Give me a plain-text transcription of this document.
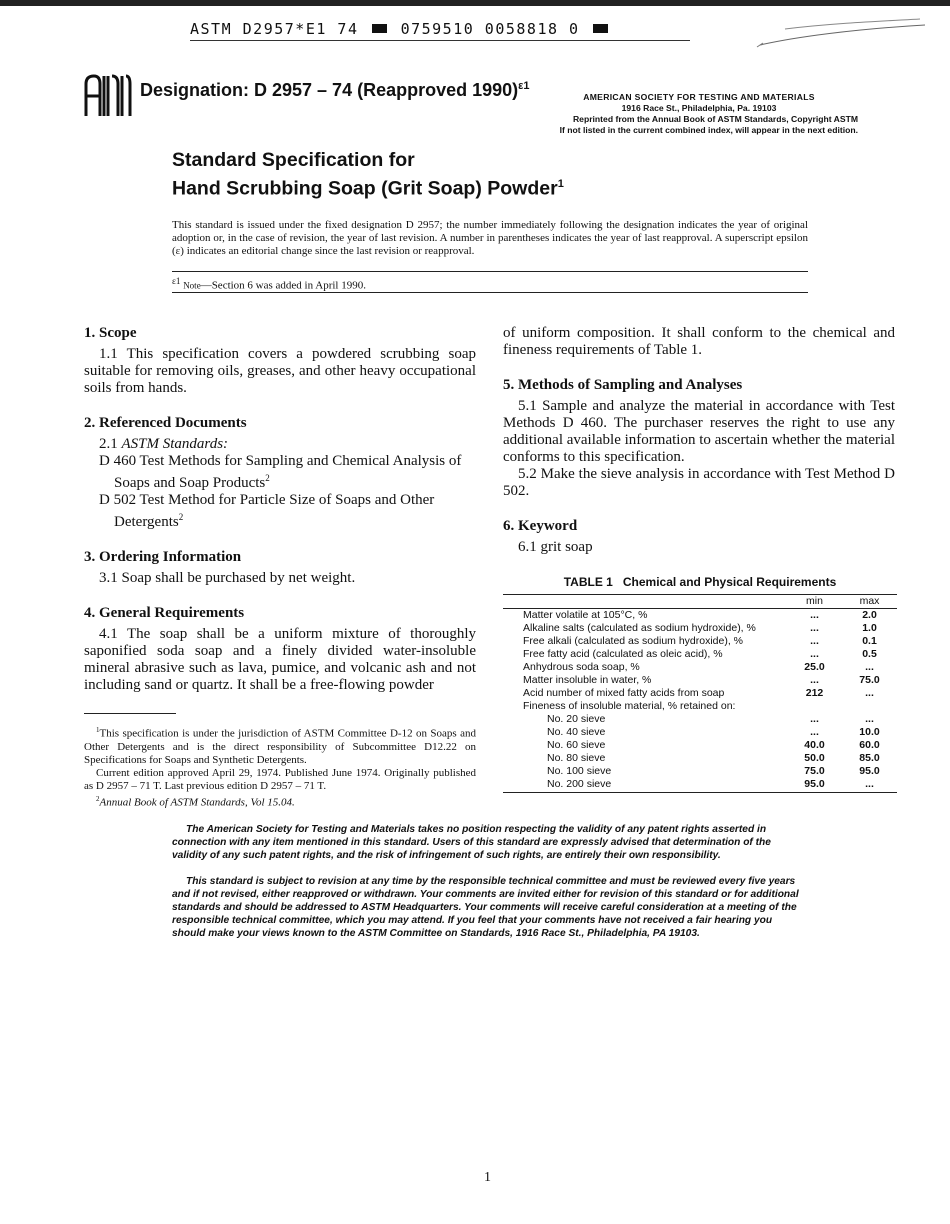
ASTM D2957*E1 74	0759510 0058818 0
Designation: D 2957 – 74 (Reapproved 1990)$^{\varepsilon 1}$
AMERICAN SOCIETY FOR TESTING AND MATERIALS
1916 Race St., Philadelphia, Pa. 19103
Reprinted from the Annual Book of ASTM Standards, Copyright ASTM
If not listed in the current combined index, will appear in the next edition.
Standard Specification for
Hand Scrubbing Soap (Grit Soap) Powder$^1$
This standard is issued under the fixed designation D 2957; the number immediately following the designation indicates the year of original adoption or, in the case of revision, the year of last revision. A number in parentheses indicates the year of last reapproval. A superscript epsilon (ε) indicates an editorial change since the last revision or reapproval.
$^{\varepsilon 1}$ Note—Section 6 was added in April 1990.
1. Scope

1.1 This specification covers a powdered scrubbing soap suitable for removing oils, greases, and other heavy occupational soils from hands.

2. Referenced Documents

2.1 ASTM Standards:

D 460 Test Methods for Sampling and Chemical Analysis of Soaps and Soap Products$^2$

D 502 Test Method for Particle Size of Soaps and Other Detergents$^2$

3. Ordering Information

3.1 Soap shall be purchased by net weight.

4. General Requirements

4.1 The soap shall be a uniform mixture of thoroughly saponified soda soap and a finely divided water-insoluble mineral abrasive such as lava, pumice, and volcanic ash and not including sand or quartz. It shall be a free-flowing powder

of uniform composition. It shall conform to the chemical and fineness requirements of Table 1.

5. Methods of Sampling and Analyses

5.1 Sample and analyze the material in accordance with Test Methods D 460. The purchaser reserves the right to use any additional available information to ascertain whether the material conforms to this specification.

5.2 Make the sieve analysis in accordance with Test Method D 502.

6. Keyword

6.1 grit soap

$^1$This specification is under the jurisdiction of ASTM Committee D-12 on Soaps and Other Detergents and is the direct responsibility of Subcommittee D12.22 on Specifications for Soaps and Synthetic Detergents.

Current edition approved April 29, 1974. Published June 1974. Originally published as D 2957 – 71 T. Last previous edition D 2957 – 71 T.

$^2$Annual Book of ASTM Standards, Vol 15.04.

TABLE 1 Chemical and Physical Requirements
	min	max
Matter volatile at 105°C, %	...	2.0
Alkaline salts (calculated as sodium hydroxide), %	...	1.0
Free alkali (calculated as sodium hydroxide), %	...	0.1
Free fatty acid (calculated as oleic acid), %	...	0.5
Anhydrous soda soap, %	25.0	...
Matter insoluble in water, %	...	75.0
Acid number of mixed fatty acids from soap	212	...
Fineness of insoluble material, % retained on:		
No. 20 sieve	...	...
No. 40 sieve	...	10.0
No. 60 sieve	40.0	60.0
No. 80 sieve	50.0	85.0
No. 100 sieve	75.0	95.0
No. 200 sieve	95.0	...

The American Society for Testing and Materials takes no position respecting the validity of any patent rights asserted in connection with any item mentioned in this standard. Users of this standard are expressly advised that determination of the validity of any such patent rights, and the risk of infringement of such rights, are entirely their own responsibility.

This standard is subject to revision at any time by the responsible technical committee and must be reviewed every five years and if not revised, either reapproved or withdrawn. Your comments are invited either for revision of this standard or for additional standards and should be addressed to ASTM Headquarters. Your comments will receive careful consideration at a meeting of the responsible technical committee, which you may attend. If you feel that your comments have not received a fair hearing you should make your views known to the ASTM Committee on Standards, 1916 Race St., Philadelphia, PA 19103.

1
